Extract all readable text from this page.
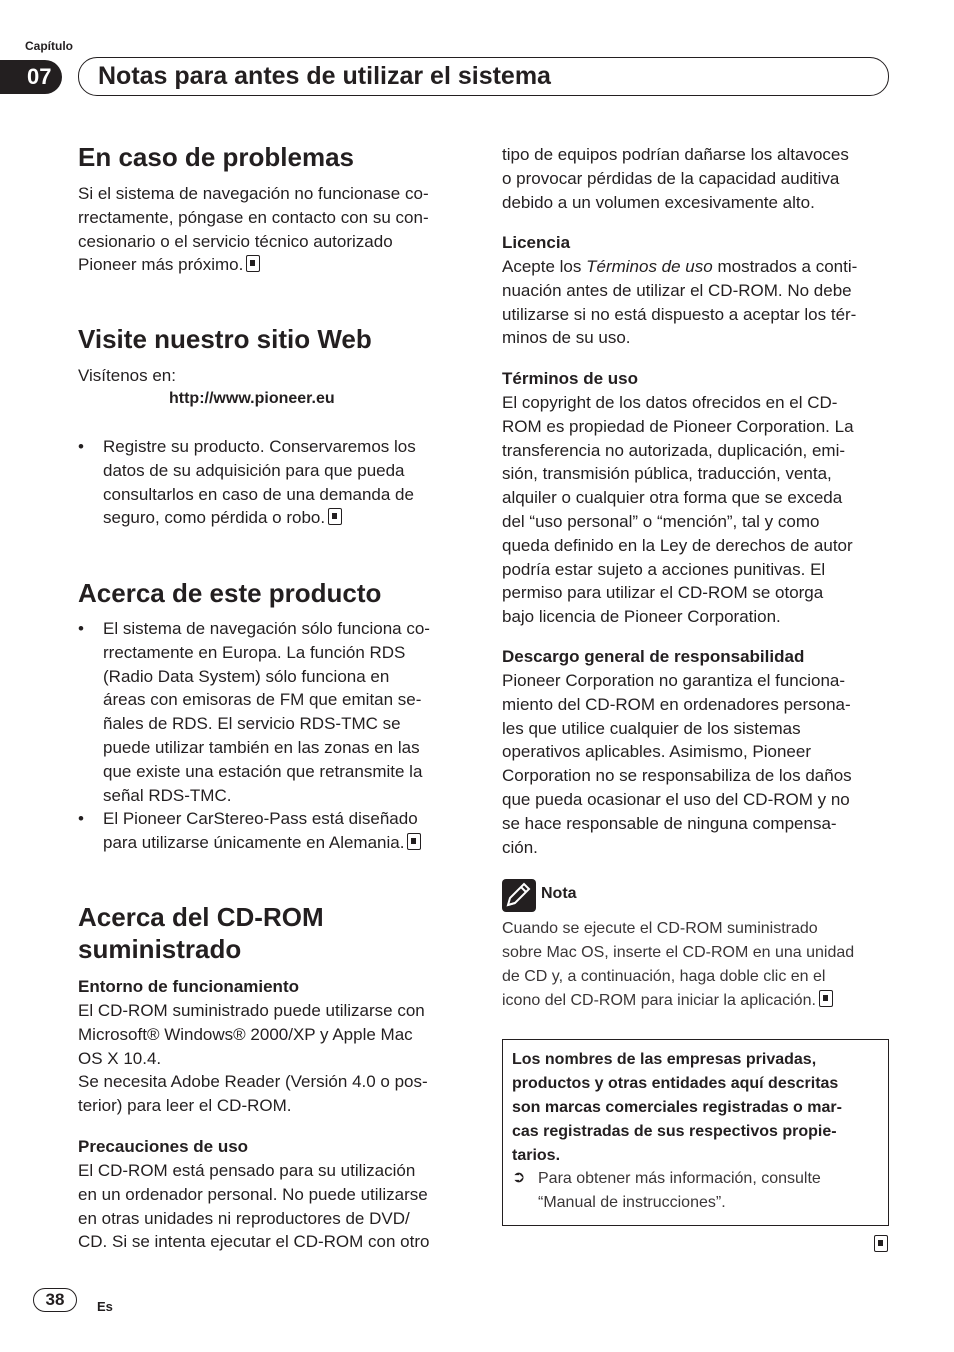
Capítulo
07	Notas para antes de utilizar el sistema
En caso de problemas
Si el sistema de navegación no funcionase co-
rrectamente, póngase en contacto con su con-
cesionario o el servicio técnico autorizado
Pioneer más próximo.
Visite nuestro sitio Web
Visítenos en:
http://www.pioneer.eu
• Registre su producto. Conservaremos los
datos de su adquisición para que pueda
consultarlos en caso de una demanda de
seguro, como pérdida o robo.
Acerca de este producto
• El sistema de navegación sólo funciona co-
rrectamente en Europa. La función RDS
(Radio Data System) sólo funciona en
áreas con emisoras de FM que emitan se-
ñales de RDS. El servicio RDS-TMC se
puede utilizar también en las zonas en las
que existe una estación que retransmite la
señal RDS-TMC.
• El Pioneer CarStereo-Pass está diseñado
para utilizarse únicamente en Alemania.
Acerca del CD-ROM
suministrado
Entorno de funcionamiento
El CD-ROM suministrado puede utilizarse con
Microsoft® Windows® 2000/XP y Apple Mac
OS X 10.4.
Se necesita Adobe Reader (Versión 4.0 o pos-
terior) para leer el CD-ROM.
Precauciones de uso
El CD-ROM está pensado para su utilización
en un ordenador personal. No puede utilizarse
en otras unidades ni reproductores de DVD/
CD. Si se intenta ejecutar el CD-ROM con otro
tipo de equipos podrían dañarse los altavoces
o provocar pérdidas de la capacidad auditiva
debido a un volumen excesivamente alto.
Licencia
Acepte los Términos de uso mostrados a conti-
nuación antes de utilizar el CD-ROM. No debe
utilizarse si no está dispuesto a aceptar los tér-
minos de su uso.
Términos de uso
El copyright de los datos ofrecidos en el CD-
ROM es propiedad de Pioneer Corporation. La
transferencia no autorizada, duplicación, emi-
sión, transmisión pública, traducción, venta,
alquiler o cualquier otra forma que se exceda
del “uso personal” o “mención”, tal y como
queda definido en la Ley de derechos de autor
podría estar sujeto a acciones punitivas. El
permiso para utilizar el CD-ROM se otorga
bajo licencia de Pioneer Corporation.
Descargo general de responsabilidad
Pioneer Corporation no garantiza el funciona-
miento del CD-ROM en ordenadores persona-
les que utilice cualquier de los sistemas
operativos aplicables. Asimismo, Pioneer
Corporation no se responsabiliza de los daños
que pueda ocasionar el uso del CD-ROM y no
se hace responsable de ninguna compensa-
ción.
Nota
Cuando se ejecute el CD-ROM suministrado
sobre Mac OS, inserte el CD-ROM en una unidad
de CD y, a continuación, haga doble clic en el
icono del CD-ROM para iniciar la aplicación.
Los nombres de las empresas privadas,
productos y otras entidades aquí descritas
son marcas comerciales registradas o mar-
cas registradas de sus respectivos propie-
tarios.
➲ Para obtener más información, consulte
“Manual de instrucciones”.
38	Es
